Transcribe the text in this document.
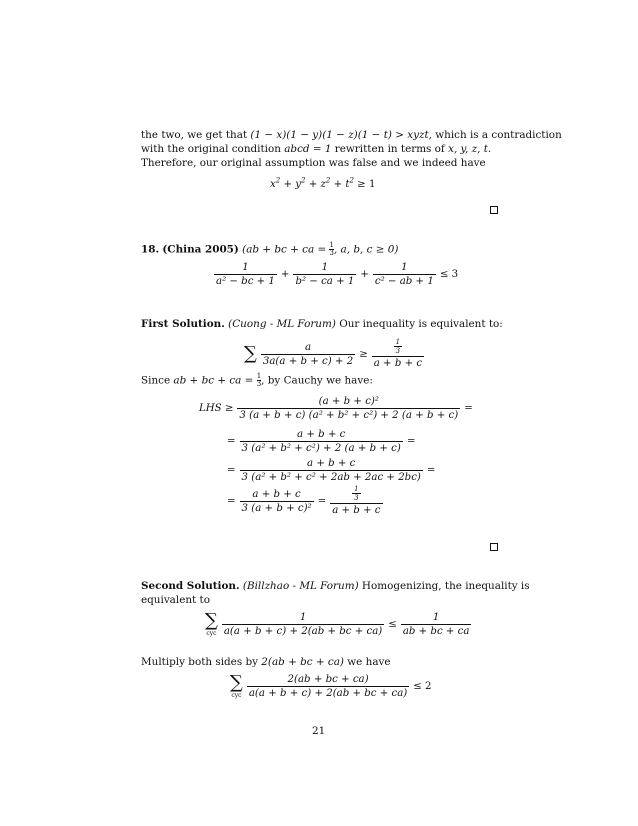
the two, we get that (1 − x)(1 − y)(1 − z)(1 − t) > xyzt, which is a contradiction
with the original condition abcd = 1 rewritten in terms of x, y, z, t.
Therefore, our original assumption was false and we indeed have
$x^2 + y^2 + z^2 + t^2 \ge 1$
18. (China 2005) (ab + bc + ca = $\frac{1}{3}$ , a, b, c ≥ 0)
$\frac{1}{\text{a² − bc + 1}} + \frac{1}{\text{b² − ca + 1}} + \frac{1}{\text{c² − ab + 1}} \le 3$
First Solution. (Cuong - ML Forum) Our inequality is equivalent to:
∑ $\frac{a}{3a(a + b + c) + 2} \ge \frac{\frac{1}{3}}{a + b + c}$
Since ab + bc + ca = $\frac{1}{3}$ , by Cauchy we have:
LHS ≥ $\frac{\text{(a + b + c)²}}{\text{3 (a + b + c) (a² + b² + c²) + 2 (a + b + c)}}$ =
= $\frac{a + b + c}{\text{3 (a² + b² + c²) + 2 (a + b + c)}}$ =
= $\frac{a + b + c}{\text{3 (a² + b² + c² + 2ab + 2ac + 2bc)}}$ =
= $\frac{a + b + c}{\text{3 (a + b + c)²}} = \frac{\frac{1}{3}}{a + b + c}$
Second Solution. (Billzhao - ML Forum) Homogenizing, the inequality is
equivalent to
∑
cyc $\frac{1}{a(a + b + c) + 2(ab + bc + ca)} \le \frac{1}{ab + bc + ca}$
Multiply both sides by 2(ab + bc + ca) we have
∑
cyc $\frac{2(ab + bc + ca)}{a(a + b + c) + 2(ab + bc + ca)} \le 2$
21
